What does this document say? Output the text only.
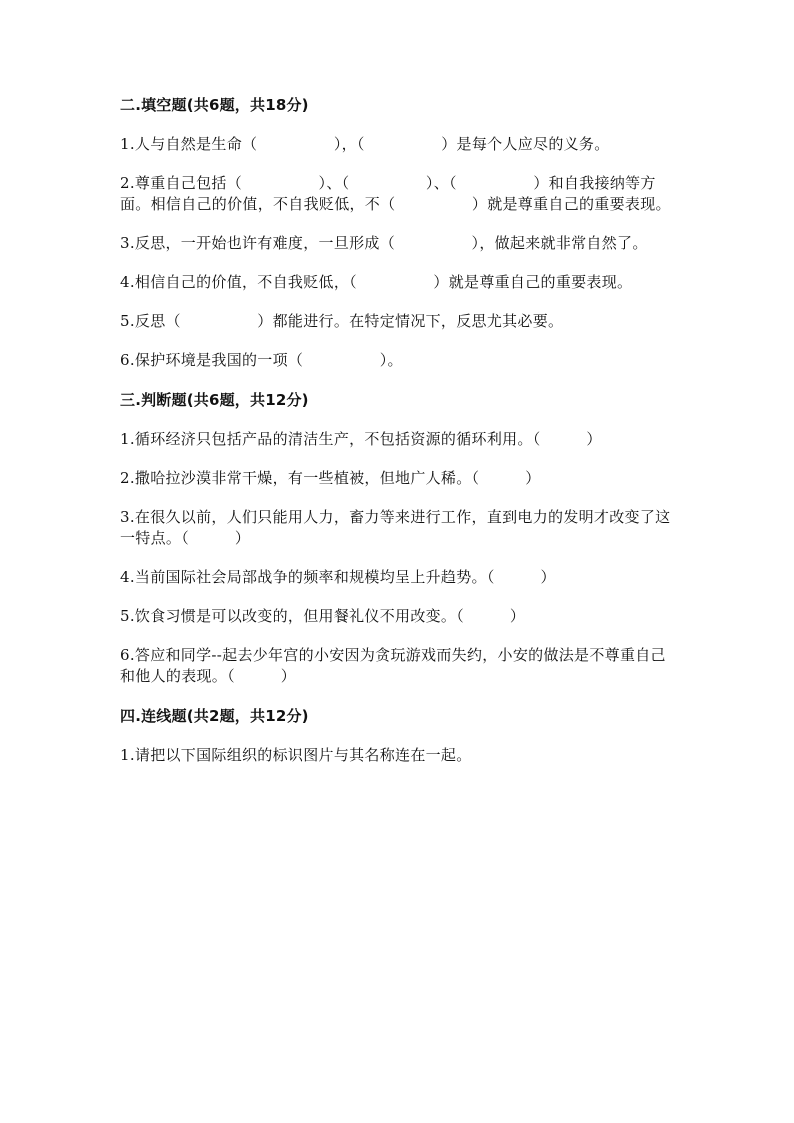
二.填空题(共6题，共18分)

1.人与自然是生命（　　　　　），（　　　　　）是每个人应尽的义务。

2.尊重自己包括（　　　　　）、（　　　　　）、（　　　　　）和自我接纳等方面。相信自己的价值，不自我贬低，不（　　　　　）就是尊重自己的重要表现。

3.反思，一开始也许有难度，一旦形成（　　　　　），做起来就非常自然了。

4.相信自己的价值，不自我贬低，（　　　　　）就是尊重自己的重要表现。

5.反思（　　　　　）都能进行。在特定情况下，反思尤其必要。

6.保护环境是我国的一项（　　　　　）。

三.判断题(共6题，共12分)

1.循环经济只包括产品的清洁生产，不包括资源的循环利用。（　　　）

2.撒哈拉沙漠非常干燥，有一些植被，但地广人稀。（　　　）

3.在很久以前，人们只能用人力，畜力等来进行工作，直到电力的发明才改变了这一特点。（　　　）

4.当前国际社会局部战争的频率和规模均呈上升趋势。（　　　）

5.饮食习惯是可以改变的，但用餐礼仪不用改变。（　　　）

6.答应和同学--起去少年宫的小安因为贪玩游戏而失约，小安的做法是不尊重自己和他人的表现。（　　　）

四.连线题(共2题，共12分)

1.请把以下国际组织的标识图片与其名称连在一起。
